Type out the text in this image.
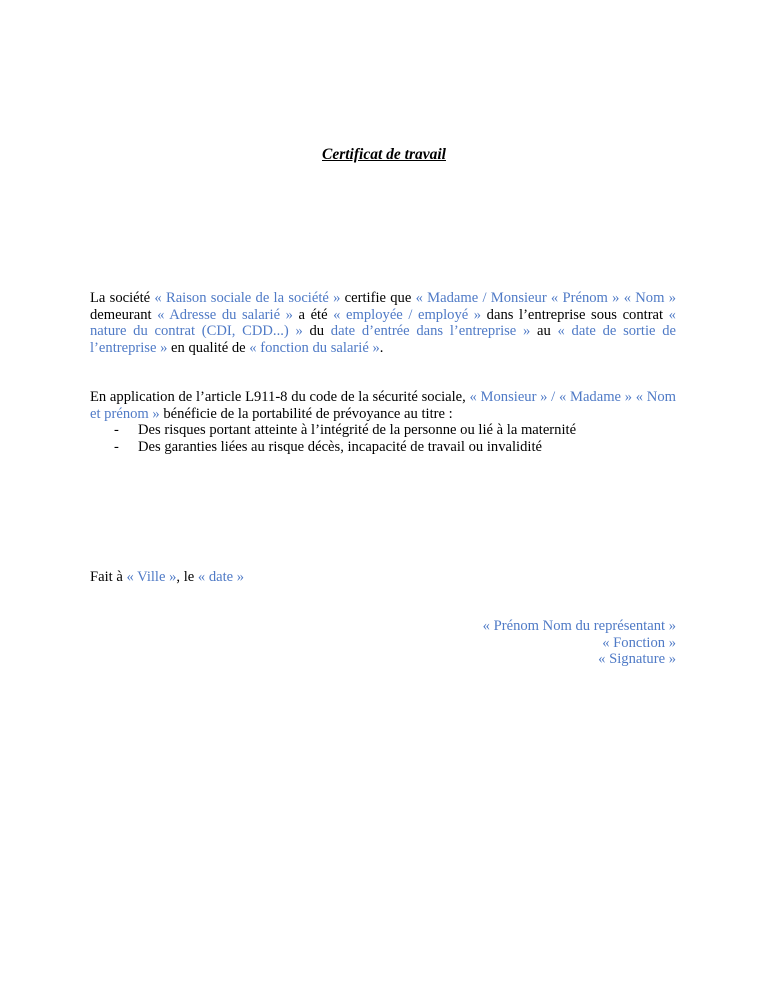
Certificat de travail
La société « Raison sociale de la société » certifie que « Madame / Monsieur « Prénom » « Nom » demeurant « Adresse du salarié » a été « employée / employé » dans l’entreprise sous contrat « nature du contrat (CDI, CDD...) » du date d’entrée dans l’entreprise » au « date de sortie de l’entreprise » en qualité de « fonction du salarié ».
En application de l’article L911-8 du code de la sécurité sociale, « Monsieur » / « Madame » « Nom et prénom » bénéficie de la portabilité de prévoyance au titre :
- Des risques portant atteinte à l’intégrité de la personne ou lié à la maternité
- Des garanties liées au risque décès, incapacité de travail ou invalidité
Fait à « Ville », le « date »
« Prénom Nom du représentant »
« Fonction »
« Signature »
